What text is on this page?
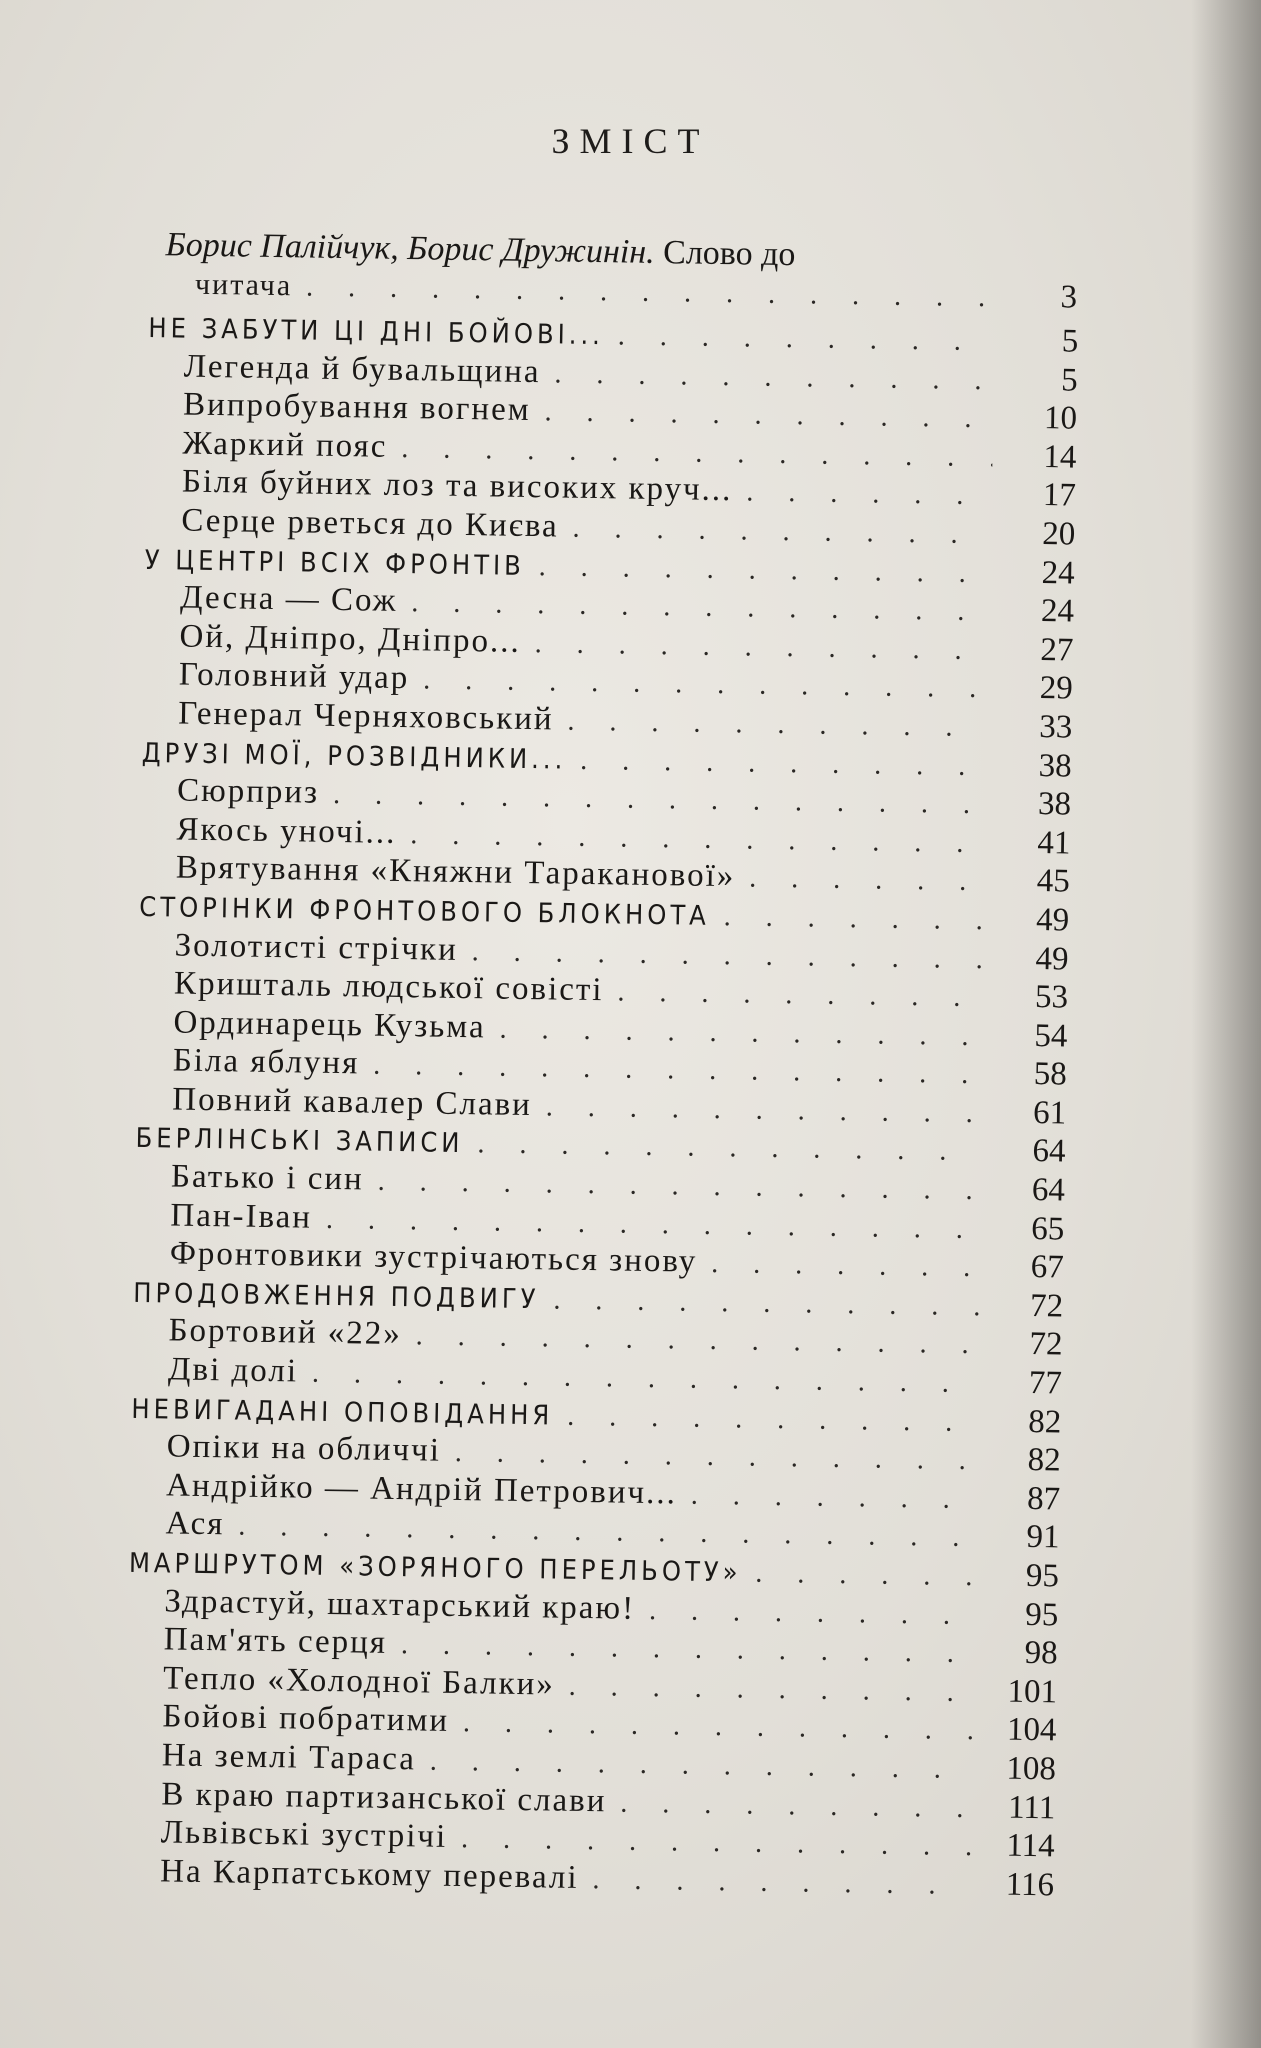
ЗМІСТ
Борис Палійчук, Борис Дружинін. Слово до
читача . . .	3
НЕ ЗАБУТИ ЦІ ДНІ БОЙОВІ... . . .	5
Легенда й бувальщина . . .	5
Випробування вогнем . . .	10
Жаркий пояс . . .	14
Біля буйних лоз та високих круч... . . .	17
Серце рветься до Києва . . .	20
У ЦЕНТРІ ВСІХ ФРОНТІВ . . .	24
Десна — Сож . . .	24
Ой, Дніпро, Дніпро... . . .	27
Головний удар . . .	29
Генерал Черняховський . . .	33
ДРУЗІ МОЇ, РОЗВІДНИКИ... . . .	38
Сюрприз . . .	38
Якось уночі... . . .	41
Врятування «Княжни Тараканової» . . .	45
СТОРІНКИ ФРОНТОВОГО БЛОКНОТА . . .	49
Золотисті стрічки . . .	49
Кришталь людської совісті . . .	53
Ординарець Кузьма . . .	54
Біла яблуня . . .	58
Повний кавалер Слави . . .	61
БЕРЛІНСЬКІ ЗАПИСИ . . .	64
Батько і син . . .	64
Пан-Іван . . .	65
Фронтовики зустрічаються знову . . .	67
ПРОДОВЖЕННЯ ПОДВИГУ . . .	72
Бортовий «22» . . .	72
Дві долі . . .	77
НЕВИГАДАНІ ОПОВІДАННЯ . . .	82
Опіки на обличчі . . .	82
Андрійко — Андрій Петрович... . . .	87
Ася . . .	91
МАРШРУТОМ «ЗОРЯНОГО ПЕРЕЛЬОТУ» . . .	95
Здрастуй, шахтарський краю! . . .	95
Пам'ять серця . . .	98
Тепло «Холодної Балки» . . .	101
Бойові побратими . . .	104
На землі Тараса . . .	108
В краю партизанської слави . . .	111
Львівські зустрічі . . .	114
На Карпатському перевалі . . .	116
